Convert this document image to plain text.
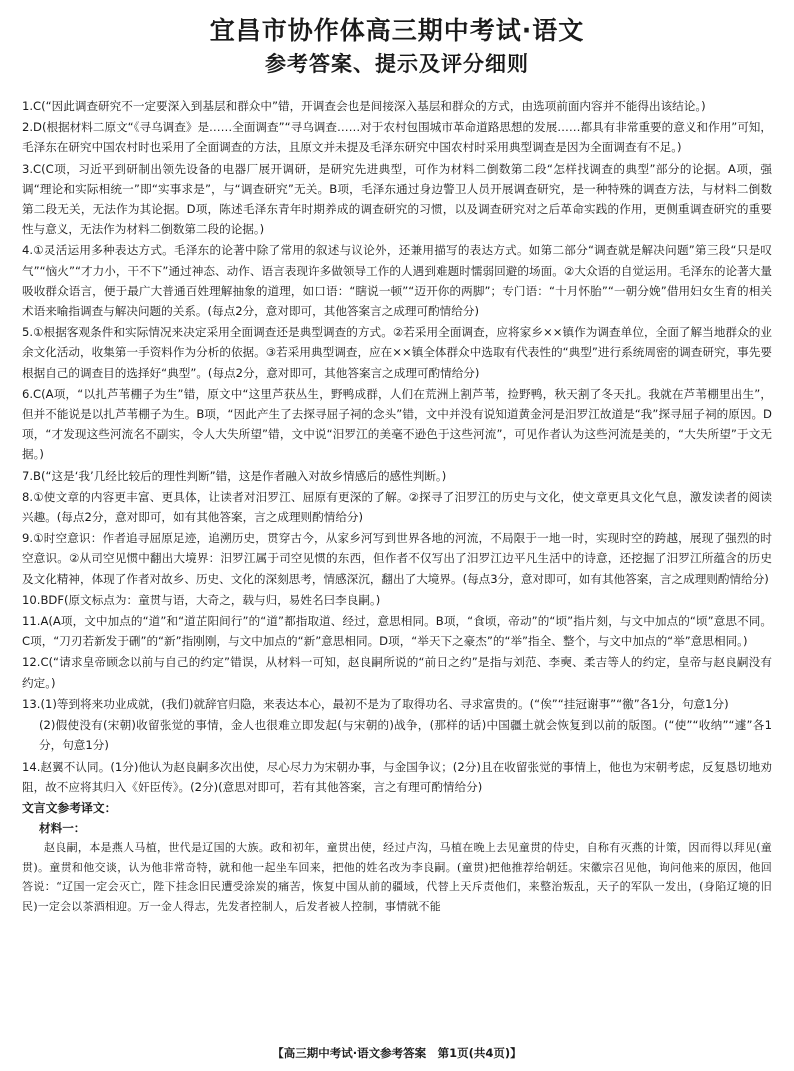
宜昌市协作体高三期中考试·语文
参考答案、提示及评分细则

1.C(“因此调查研究不一定要深入到基层和群众中”错，开调查会也是间接深入基层和群众的方式，由选项前面内容并不能得出该结论。)

2.D(根据材料二原文“《寻乌调查》是……全面调查”“寻乌调查……对于农村包围城市革命道路思想的发展……都具有非常重要的意义和作用”可知，毛泽东在研究中国农村时也采用了全面调查的方法，且原文并未提及毛泽东研究中国农村时采用典型调查是因为全面调查有不足。)

3.C(C项，习近平到研制出领先设备的电器厂展开调研，是研究先进典型，可作为材料二倒数第二段“怎样找调查的典型”部分的论据。A项，强调“理论和实际相统一”即“实事求是”，与“调查研究”无关。B项，毛泽东通过身边警卫人员开展调查研究，是一种特殊的调查方法，与材料二倒数第二段无关，无法作为其论据。D项，陈述毛泽东青年时期养成的调查研究的习惯，以及调查研究对之后革命实践的作用，更侧重调查研究的重要性与意义，无法作为材料二倒数第二段的论据。)

4.①灵活运用多种表达方式。毛泽东的论著中除了常用的叙述与议论外，还兼用描写的表达方式。如第二部分“调查就是解决问题”第三段“只是叹气”“恼火”“才力小，干不下”通过神态、动作、语言表现许多做领导工作的人遇到难题时懦弱回避的场面。②大众语的自觉运用。毛泽东的论著大量吸收群众语言，便于最广大普通百姓理解抽象的道理，如口语：“瞎说一顿”“迈开你的两脚”；专门语：“十月怀胎”“一朝分娩”借用妇女生育的相关术语来喻指调查与解决问题的关系。(每点2分，意对即可，其他答案言之成理可酌情给分)

5.①根据客观条件和实际情况来决定采用全面调查还是典型调查的方式。②若采用全面调查，应将家乡××镇作为调查单位，全面了解当地群众的业余文化活动，收集第一手资料作为分析的依据。③若采用典型调查，应在××镇全体群众中选取有代表性的“典型”进行系统周密的调查研究，事先要根据自己的调查目的选择好“典型”。(每点2分，意对即可，其他答案言之成理可酌情给分)

6.C(A项，“以扎芦苇棚子为生”错，原文中“这里芦获丛生，野鸭成群，人们在荒洲上割芦苇，捡野鸭，秋天割了冬天扎。我就在芦苇棚里出生”，但并不能说是以扎芦苇棚子为生。B项，“因此产生了去探寻屈子祠的念头”错，文中并没有说知道黄金河是汨罗江故道是“我”探寻屈子祠的原因。D项，“才发现这些河流名不副实，令人大失所望”错，文中说“汨罗江的美毫不逊色于这些河流”，可见作者认为这些河流是美的，“大失所望”于文无据。)

7.B(“这是‘我’几经比较后的理性判断”错，这是作者融入对故乡情感后的感性判断。)

8.①使文章的内容更丰富、更具体，让读者对汨罗江、屈原有更深的了解。②探寻了汨罗江的历史与文化，使文章更具文化气息，激发读者的阅读兴趣。(每点2分，意对即可，如有其他答案，言之成理则酌情给分)

9.①时空意识：作者追寻屈原足迹，追溯历史，贯穿古今，从家乡河写到世界各地的河流，不局限于一地一时，实现时空的跨越，展现了强烈的时空意识。②从司空见惯中翻出大境界：汨罗江属于司空见惯的东西，但作者不仅写出了汨罗江边平凡生活中的诗意，还挖掘了汨罗江所蕴含的历史及文化精神，体现了作者对故乡、历史、文化的深刻思考，情感深沉，翻出了大境界。(每点3分，意对即可，如有其他答案，言之成理则酌情给分)

10.BDF(原文标点为：童贯与语，大奇之，载与归，易姓名曰李良嗣。)

11.A(A项，文中加点的“道”和“道芷阳间行”的“道”都指取道、经过，意思相同。B项，“食顷，帝动”的“顷”指片刻，与文中加点的“顷”意思不同。C项，“刀刃若新发于硎”的“新”指刚刚，与文中加点的“新”意思相同。D项，“举天下之豪杰”的“举”指全、整个，与文中加点的“举”意思相同。)

12.C(“请求皇帝顾念以前与自己的约定”错误，从材料一可知，赵良嗣所说的“前日之约”是指与刘范、李奭、柔吉等人的约定，皇帝与赵良嗣没有约定。)

13.(1)等到将来功业成就，(我们)就辞官归隐，来表达本心，最初不是为了取得功名、寻求富贵的。(“俟”“挂冠谢事”“徼”各1分，句意1分)

(2)假使没有(宋朝)收留张觉的事情，金人也很难立即发起(与宋朝的)战争，(那样的话)中国疆土就会恢复到以前的版图。(“使”“收纳”“遽”各1分，句意1分)

14.赵翼不认同。(1分)他认为赵良嗣多次出使，尽心尽力为宋朝办事，与金国争议；(2分)且在收留张觉的事情上，他也为宋朝考虑，反复恳切地劝阻，故不应将其归入《奸臣传》。(2分)(意思对即可，若有其他答案，言之有理可酌情给分)

文言文参考译文：

材料一：

赵良嗣，本是燕人马植，世代是辽国的大族。政和初年，童贯出使，经过卢沟，马植在晚上去见童贯的侍史，自称有灭燕的计策，因而得以拜见(童贯)。童贯和他交谈，认为他非常奇特，就和他一起坐车回来，把他的姓名改为李良嗣。(童贯)把他推荐给朝廷。宋徽宗召见他，询问他来的原因，他回答说：“辽国一定会灭亡，陛下挂念旧民遭受涂炭的痛苦，恢复中国从前的疆域，代替上天斥责他们，来整治叛乱，天子的军队一发出，(身陷辽境的旧民)一定会以茶酒相迎。万一金人得志，先发者控制人，后发者被人控制，事情就不能

【高三期中考试·语文参考答案　第1页(共4页)】
